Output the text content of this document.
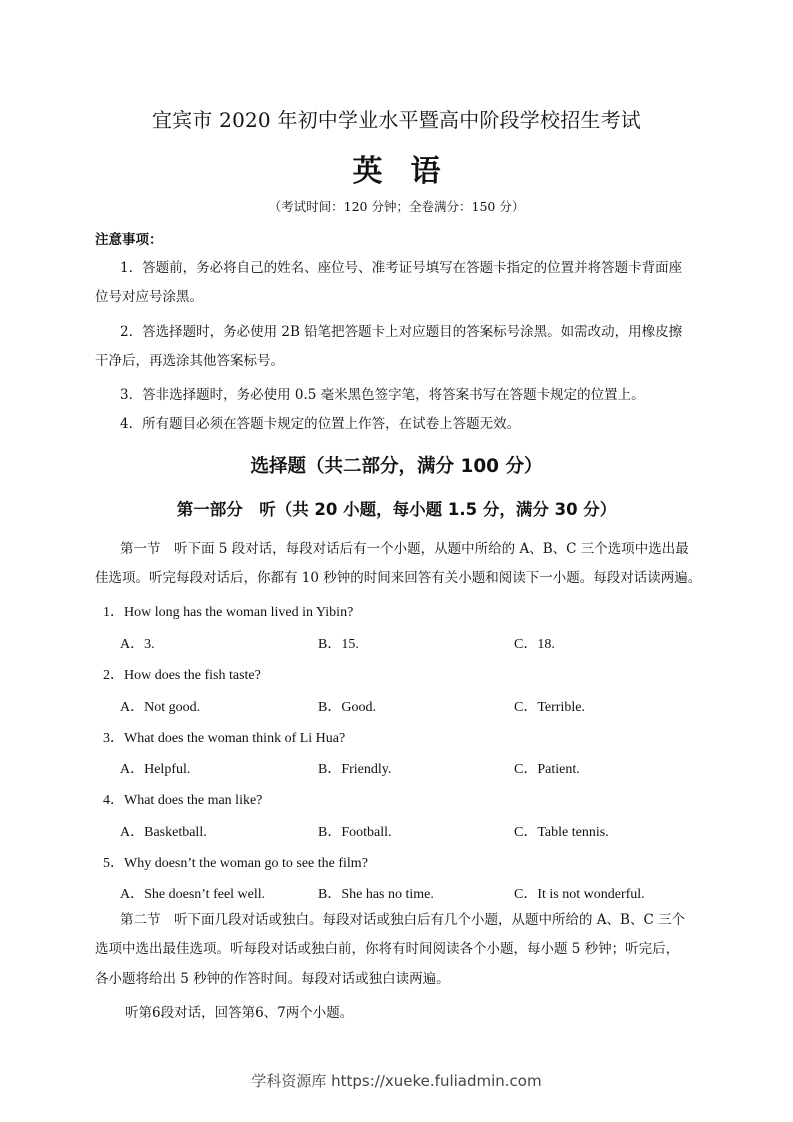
宜宾市 2020 年初中学业水平暨高中阶段学校招生考试
英语
（考试时间：120 分钟；全卷满分：150 分）
注意事项：
1．答题前，务必将自己的姓名、座位号、准考证号填写在答题卡指定的位置并将答题卡背面座
位号对应号涂黑。
2．答选择题时，务必使用 2B 铅笔把答题卡上对应题目的答案标号涂黑。如需改动，用橡皮擦
干净后，再选涂其他答案标号。
3．答非选择题时，务必使用 0.5 毫米黑色签字笔，将答案书写在答题卡规定的位置上。
4．所有题目必须在答题卡规定的位置上作答，在试卷上答题无效。
选择题（共二部分，满分 100 分）
第一部分　听（共 20 小题，每小题 1.5 分，满分 30 分）
第一节　听下面 5 段对话，每段对话后有一个小题，从题中所给的 A、B、C 三个选项中选出最
佳选项。听完每段对话后，你都有 10 秒钟的时间来回答有关小题和阅读下一小题。每段对话读两遍。
1．How long has the woman lived in Yibin?
A．3.	B．15.	C．18.
2．How does the fish taste?
A．Not good.	B．Good.	C．Terrible.
3．What does the woman think of Li Hua?
A．Helpful.	B．Friendly.	C．Patient.
4．What does the man like?
A．Basketball.	B．Football.	C．Table tennis.
5．Why doesn’t the woman go to see the film?
A．She doesn’t feel well.	B．She has no time.	C．It is not wonderful.
第二节　听下面几段对话或独白。每段对话或独白后有几个小题，从题中所给的 A、B、C 三个
选项中选出最佳选项。听每段对话或独白前，你将有时间阅读各个小题，每小题 5 秒钟；听完后，
各小题将给出 5 秒钟的作答时间。每段对话或独白读两遍。
听第6段对话，回答第6、7两个小题。
学科资源库 https://xueke.fuliadmin.com
